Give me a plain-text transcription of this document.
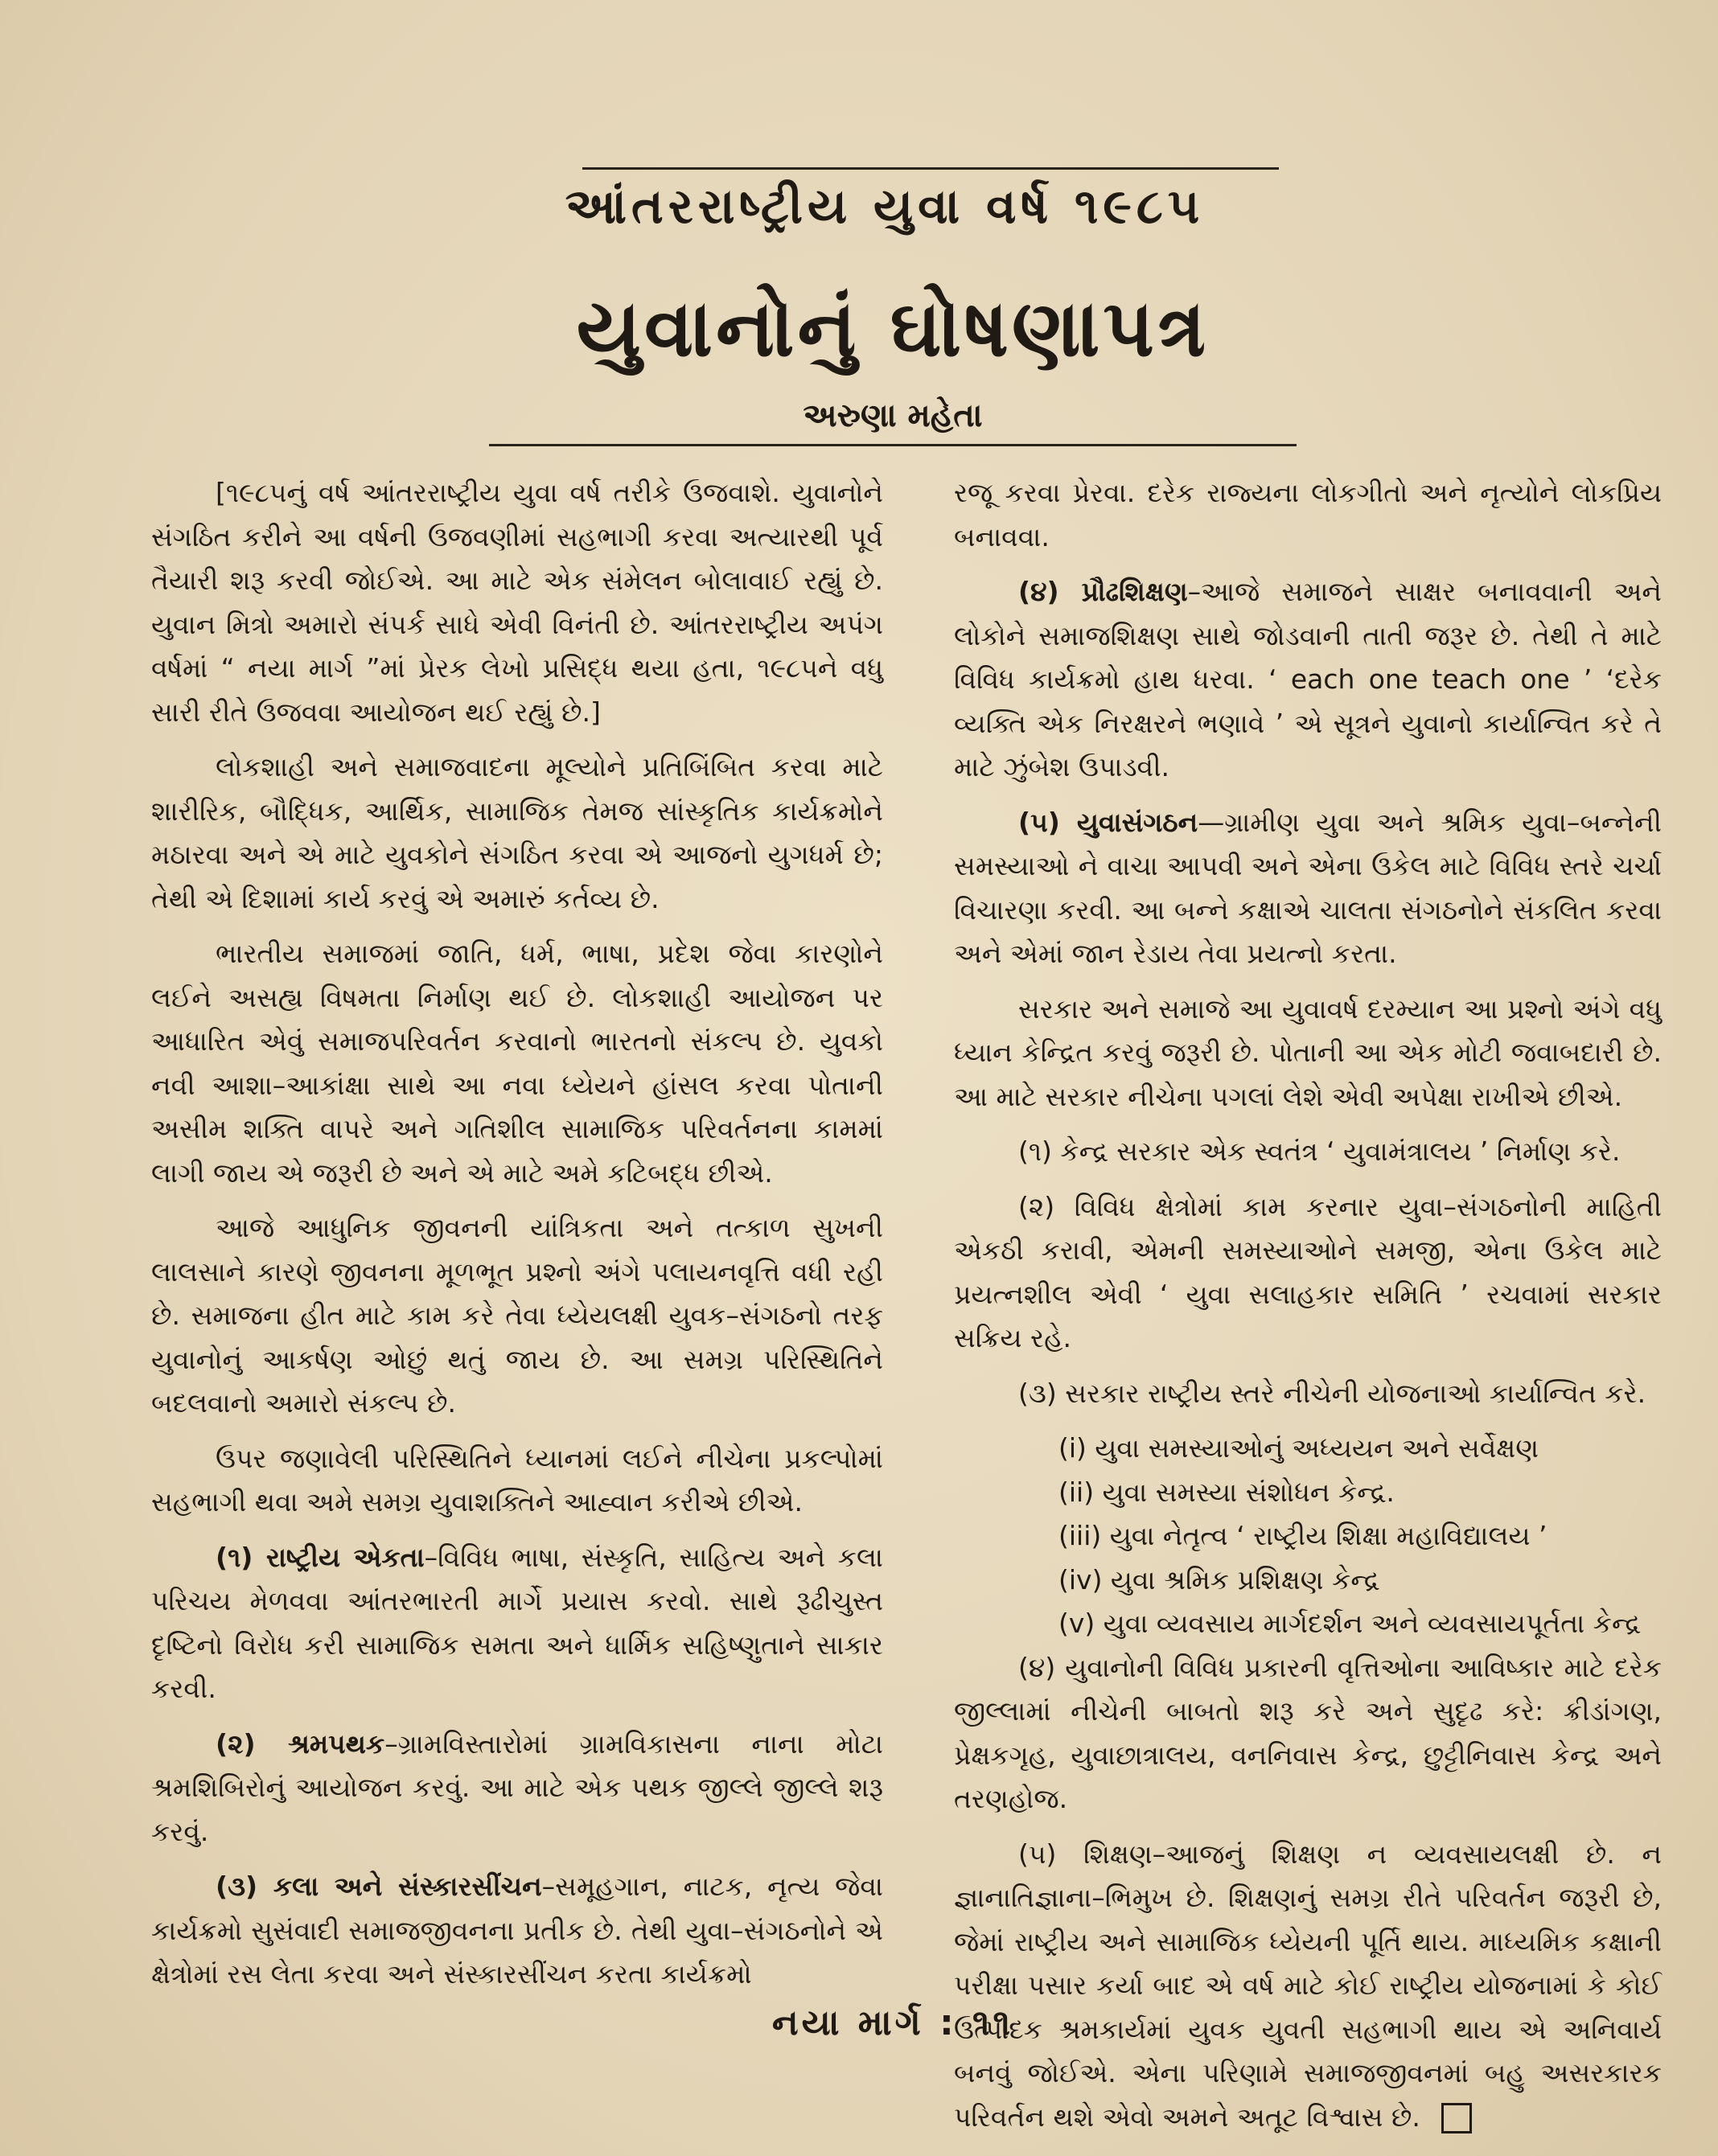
આંતરરાષ્ટ્રીય યુવા વર્ષ ૧૯૮૫
યુવાનોનું ઘોષણાપત્ર
અરુણા મહેતા

[૧૯૮૫નું વર્ષ આંતરરાષ્ટ્રીય યુવા વર્ષ તરીકે ઉજવાશે. યુવાનોને સંગઠિત કરીને આ વર્ષની ઉજવણીમાં સહભાગી કરવા અત્યારથી પૂર્વ તૈયારી શરૂ કરવી જોઈએ. આ માટે એક સંમેલન બોલાવાઈ રહ્યું છે. યુવાન મિત્રો અમારો સંપર્ક સાધે એવી વિનંતી છે. આંતરરાષ્ટ્રીય અપંગ વર્ષમાં “ નયા માર્ગ ”માં પ્રેરક લેખો પ્રસિદ્ધ થયા હતા, ૧૯૮૫ને વધુ સારી રીતે ઉજવવા આયોજન થઈ રહ્યું છે.]

લોકશાહી અને સમાજવાદના મૂલ્યોને પ્રતિબિંબિત કરવા માટે શારીરિક, બૌદ્ધિક, આર્થિક, સામાજિક તેમજ સાંસ્કૃતિક કાર્યક્રમોને મઠારવા અને એ માટે યુવકોને સંગઠિત કરવા એ આજનો યુગધર્મ છે; તેથી એ દિશામાં કાર્ય કરવું એ અમારું કર્તવ્ય છે.

ભારતીય સમાજમાં જાતિ, ધર્મ, ભાષા, પ્રદેશ જેવા કારણોને લઈને અસહ્ય વિષમતા નિર્માણ થઈ છે. લોકશાહી આયોજન પર આધારિત એવું સમાજપરિવર્તન કરવાનો ભારતનો સંકલ્પ છે. યુવકો નવી આશા–આકાંક્ષા સાથે આ નવા ધ્યેયને હાંસલ કરવા પોતાની અસીમ શક્તિ વાપરે અને ગતિશીલ સામાજિક પરિવર્તનના કામમાં લાગી જાય એ જરૂરી છે અને એ માટે અમે કટિબદ્ધ છીએ.

આજે આધુનિક જીવનની યાંત્રિકતા અને તત્કાળ સુખની લાલસાને કારણે જીવનના મૂળભૂત પ્રશ્નો અંગે પલાયનવૃત્તિ વધી રહી છે. સમાજના હીત માટે કામ કરે તેવા ધ્યેયલક્ષી યુવક–સંગઠનો તરફ યુવાનોનું આકર્ષણ ઓછું થતું જાય છે. આ સમગ્ર પરિસ્થિતિને બદલવાનો અમારો સંકલ્પ છે.

ઉપર જણાવેલી પરિસ્થિતિને ધ્યાનમાં લઈને નીચેના પ્રકલ્પોમાં સહભાગી થવા અમે સમગ્ર યુવાશક્તિને આહ્વાન કરીએ છીએ.

(૧) રાષ્ટ્રીય એકતા–વિવિધ ભાષા, સંસ્કૃતિ, સાહિત્ય અને કલા પરિચય મેળવવા આંતરભારતી માર્ગે પ્રયાસ કરવો. સાથે રૂઢીચુસ્ત દૃષ્ટિનો વિરોધ કરી સામાજિક સમતા અને ધાર્મિક સહિષ્ણુતાને સાકાર કરવી.

(૨) શ્રમપથક–ગ્રામવિસ્તારોમાં ગ્રામવિકાસના નાના મોટા શ્રમશિબિરોનું આયોજન કરવું. આ માટે એક પથક જીલ્લે જીલ્લે શરૂ કરવું.

(૩) કલા અને સંસ્કારસીંચન–સમૂહગાન, નાટક, નૃત્ય જેવા કાર્યક્રમો સુસંવાદી સમાજજીવનના પ્રતીક છે. તેથી યુવા–સંગઠનોને એ ક્ષેત્રોમાં રસ લેતા કરવા અને સંસ્કારસીંચન કરતા કાર્યક્રમો

રજૂ કરવા પ્રેરવા. દરેક રાજ્યના લોકગીતો અને નૃત્યોને લોકપ્રિય બનાવવા.

(૪) પ્રૌઢશિક્ષણ–આજે સમાજને સાક્ષર બનાવવાની અને લોકોને સમાજશિક્ષણ સાથે જોડવાની તાતી જરૂર છે. તેથી તે માટે વિવિધ કાર્યક્રમો હાથ ધરવા. ‘ each one teach one ’ ‘દરેક વ્યક્તિ એક નિરક્ષરને ભણાવે ’ એ સૂત્રને યુવાનો કાર્યાન્વિત કરે તે માટે ઝુંબેશ ઉપાડવી.

(૫) યુવાસંગઠન—ગ્રામીણ યુવા અને શ્રમિક યુવા–બન્નેની સમસ્યાઓ ને વાચા આપવી અને એના ઉકેલ માટે વિવિધ સ્તરે ચર્ચા વિચારણા કરવી. આ બન્ને કક્ષાએ ચાલતા સંગઠનોને સંકલિત કરવા અને એમાં જાન રેડાય તેવા પ્રયત્નો કરતા.

સરકાર અને સમાજે આ યુવાવર્ષ દરમ્યાન આ પ્રશ્નો અંગે વધુ ધ્યાન કેન્દ્રિત કરવું જરૂરી છે. પોતાની આ એક મોટી જવાબદારી છે. આ માટે સરકાર નીચેના પગલાં લેશે એવી અપેક્ષા રાખીએ છીએ.

(૧) કેન્દ્ર સરકાર એક સ્વતંત્ર ‘ યુવામંત્રાલય ’ નિર્માણ કરે.

(૨) વિવિધ ક્ષેત્રોમાં કામ કરનાર યુવા–સંગઠનોની માહિતી એકઠી કરાવી, એમની સમસ્યાઓને સમજી, એના ઉકેલ માટે પ્રયત્નશીલ એવી ‘ યુવા સલાહકાર સમિતિ ’ રચવામાં સરકાર સક્રિય રહે.

(૩) સરકાર રાષ્ટ્રીય સ્તરે નીચેની યોજનાઓ કાર્યાન્વિત કરે.

(i) યુવા સમસ્યાઓનું અધ્યયન અને સર્વેક્ષણ
(ii) યુવા સમસ્યા સંશોધન કેન્દ્ર.
(iii) યુવા નેતૃત્વ ‘ રાષ્ટ્રીય શિક્ષા મહાવિદ્યાલય ’
(iv) યુવા શ્રમિક પ્રશિક્ષણ કેન્દ્ર
(v) યુવા વ્યવસાય માર્ગદર્શન અને વ્યવસાયપૂર્તતા કેન્દ્ર

(૪) યુવાનોની વિવિધ પ્રકારની વૃત્તિઓના આવિષ્કાર માટે દરેક જીલ્લામાં નીચેની બાબતો શરૂ કરે અને સુદૃઢ કરે: ક્રીડાંગણ, પ્રેક્ષકગૃહ, યુવાછાત્રાલય, વનનિવાસ કેન્દ્ર, છુટ્ટીનિવાસ કેન્દ્ર અને તરણહોજ.

(૫) શિક્ષણ–આજનું શિક્ષણ ન વ્યવસાયલક્ષી છે. ન જ્ઞાનાતિજ્ઞાના–ભિમુખ છે. શિક્ષણનું સમગ્ર રીતે પરિવર્તન જરૂરી છે, જેમાં રાષ્ટ્રીય અને સામાજિક ધ્યેયની પૂર્તિ થાય. માધ્યમિક કક્ષાની પરીક્ષા પસાર કર્યા બાદ એ વર્ષ માટે કોઈ રાષ્ટ્રીય યોજનામાં કે કોઈ ઉત્પાદક શ્રમકાર્યમાં યુવક યુવતી સહભાગી થાય એ અનિવાર્ય બનવું જોઈએ. એના પરિણામે સમાજજીવનમાં બહુ અસરકારક પરિવર્તન થશે એવો અમને અતૂટ વિશ્વાસ છે.

નયા માર્ગ : ૧૧
